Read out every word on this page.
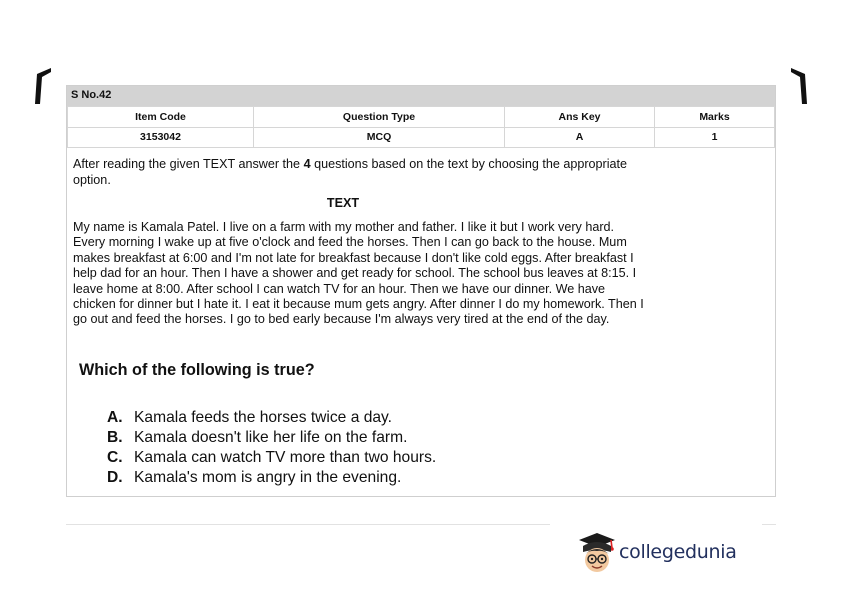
S No.42
Item Code	Question Type	Ans Key	Marks
3153042	MCQ	A	1

After reading the given TEXT answer the 4 questions based on the text by choosing the appropriate option.

TEXT

My name is Kamala Patel. I live on a farm with my mother and father. I like it but I work very hard. Every morning I wake up at five o'clock and feed the horses. Then I can go back to the house. Mum makes breakfast at 6:00 and I'm not late for breakfast because I don't like cold eggs. After breakfast I help dad for an hour. Then I have a shower and get ready for school. The school bus leaves at 8:15. I leave home at 8:00. After school I can watch TV for an hour. Then we have our dinner. We have chicken for dinner but I hate it. I eat it because mum gets angry. After dinner I do my homework. Then I go out and feed the horses. I go to bed early because I'm always very tired at the end of the day.

Which of the following is true?
A. Kamala feeds the horses twice a day.
B. Kamala doesn't like her life on the farm.
C. Kamala can watch TV more than two hours.
D. Kamala's mom is angry in the evening.
collegedunia
